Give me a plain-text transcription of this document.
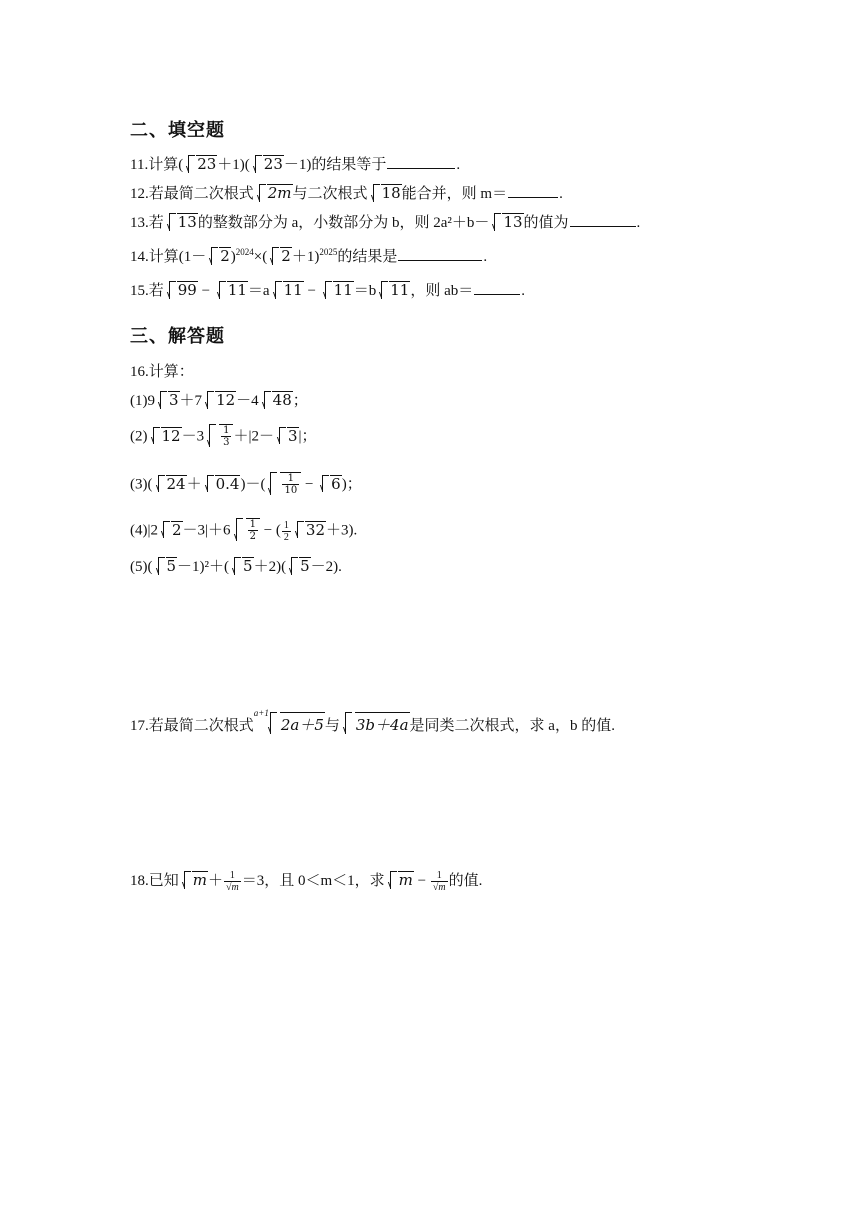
二、填空题
11.计算( 23＋1)( 23－1)的结果等于	.
12.若最简二次根式 2m与二次根式 18能合并，则 m＝	.
13.若 13的整数部分为 a，小数部分为 b，则 2a²＋b－ 13的值为	.
14.计算$(1- 2)^{2024}\times$( 2＋1)$^{2025}$的结果是	.
15.若 99 − 11＝a 11 − 11＝b 11，则 ab＝	.
三、解答题
16.计算：
(1)9 3＋7 12－4 48；
(2) $12-3 \frac{1}{3} +|2- 3|$；
(3)( $24+ 0.4)-( \frac{1}{10} - 6)$；
(4)|2 $2-3|+6 \frac{1}{2}$ − ( $\frac{1}{2} 32+3$).
(5)( 5－1)²＋( 5＋2)( 5－2).
17.若最简二次根式$^{a+1}$2a＋5与 3b＋4a是同类二次根式，求 a，b 的值.
18.已知 $m+ \frac{1}{√m} =3$，且 0＜m＜1，求 $m - \frac{1}{√m}$ 的值.
